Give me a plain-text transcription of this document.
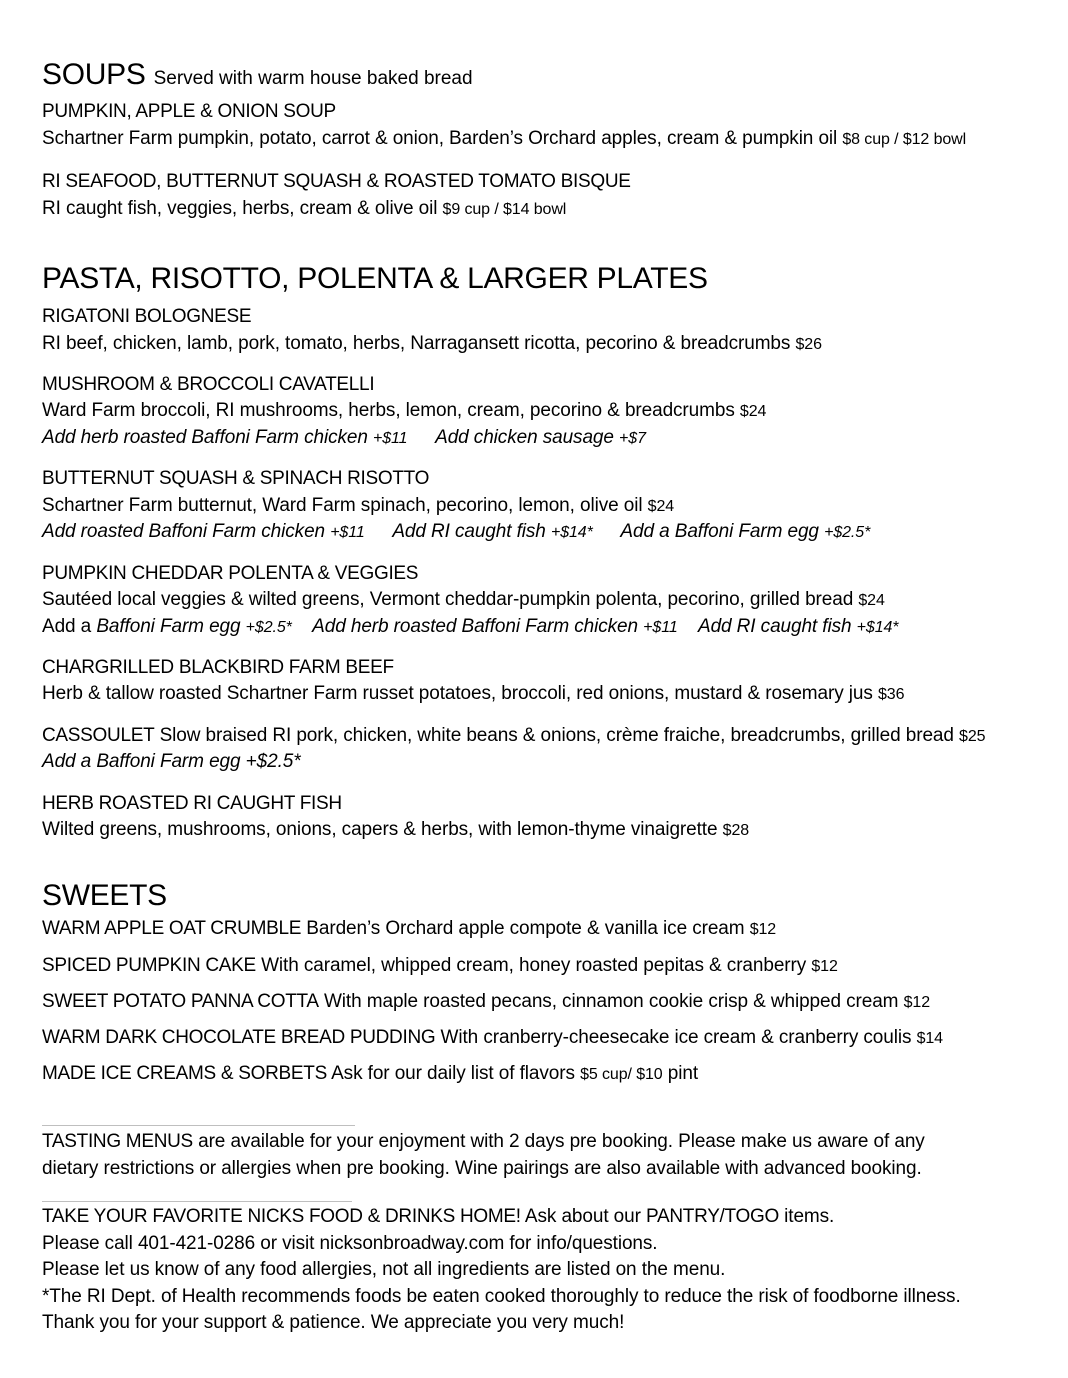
SOUPS Served with warm house baked bread
PUMPKIN, APPLE & ONION SOUP
Schartner Farm pumpkin, potato, carrot & onion, Barden’s Orchard apples, cream & pumpkin oil $8 cup / $12 bowl
RI SEAFOOD, BUTTERNUT SQUASH & ROASTED TOMATO BISQUE
RI caught fish, veggies, herbs, cream & olive oil $9 cup / $14 bowl
PASTA, RISOTTO, POLENTA & LARGER PLATES
RIGATONI BOLOGNESE
RI beef, chicken, lamb, pork, tomato, herbs, Narragansett ricotta, pecorino & breadcrumbs $26
MUSHROOM & BROCCOLI CAVATELLI
Ward Farm broccoli, RI mushrooms, herbs, lemon, cream, pecorino & breadcrumbs $24
Add herb roasted Baffoni Farm chicken +$11 Add chicken sausage +$7
BUTTERNUT SQUASH & SPINACH RISOTTO
Schartner Farm butternut, Ward Farm spinach, pecorino, lemon, olive oil $24
Add roasted Baffoni Farm chicken +$11 Add RI caught fish +$14* Add a Baffoni Farm egg +$2.5*
PUMPKIN CHEDDAR POLENTA & VEGGIES
Sautéed local veggies & wilted greens, Vermont cheddar-pumpkin polenta, pecorino, grilled bread $24
Add a Baffoni Farm egg +$2.5* Add herb roasted Baffoni Farm chicken +$11 Add RI caught fish +$14*
CHARGRILLED BLACKBIRD FARM BEEF
Herb & tallow roasted Schartner Farm russet potatoes, broccoli, red onions, mustard & rosemary jus $36
CASSOULET Slow braised RI pork, chicken, white beans & onions, crème fraiche, breadcrumbs, grilled bread $25
Add a Baffoni Farm egg +$2.5*
HERB ROASTED RI CAUGHT FISH
Wilted greens, mushrooms, onions, capers & herbs, with lemon-thyme vinaigrette $28
SWEETS
WARM APPLE OAT CRUMBLE Barden’s Orchard apple compote & vanilla ice cream $12
SPICED PUMPKIN CAKE With caramel, whipped cream, honey roasted pepitas & cranberry $12
SWEET POTATO PANNA COTTA With maple roasted pecans, cinnamon cookie crisp & whipped cream $12
WARM DARK CHOCOLATE BREAD PUDDING With cranberry-cheesecake ice cream & cranberry coulis $14
MADE ICE CREAMS & SORBETS Ask for our daily list of flavors $5 cup/ $10 pint
TASTING MENUS are available for your enjoyment with 2 days pre booking. Please make us aware of any
dietary restrictions or allergies when pre booking. Wine pairings are also available with advanced booking.
TAKE YOUR FAVORITE NICKS FOOD & DRINKS HOME! Ask about our PANTRY/TOGO items.
Please call 401-421-0286 or visit nicksonbroadway.com for info/questions.
Please let us know of any food allergies, not all ingredients are listed on the menu.
*The RI Dept. of Health recommends foods be eaten cooked thoroughly to reduce the risk of foodborne illness.
Thank you for your support & patience. We appreciate you very much!
